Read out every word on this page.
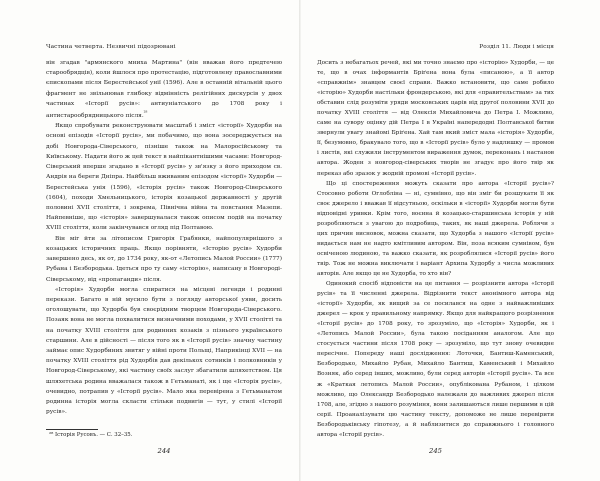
Частина четверта. Незвичні підозрювані

він згадав "армянского мниха Мартина" (він вважав його предтечею старообрядців), коли йшлося про протестацію, підготовлену православними єпископами після Берестейської унії (1596). Але в останній вітальній цього фрагмент не звільнював глибоку відмінність релігійних дискурсів у двох частинах «Історії русів»: антиуніатського до 1708 року і антистарообрядницького після.$^{^{28}}$

Якщо спробувати реконструювати масштаб і зміст «історії» Худорби на основі епізодів «Історії русів», ми побачимо, що вона зосереджується на добі Новгорода-Сіверського, пізніше також на Малоросійському та Київському. Надати його ж цей текст в найпікантнішими часами: Новгород-Сіверський вперше згадано в «Історії русів» у зв'язку з його приходом св. Андрія на береги Дніпра. Найбільш вживаним епізодом «історії» Худорби — Берестейська унія (1596), «Історія русів» також Новгород-Сіверського (1604), походи Хмельницького, історія козацької державності у другій половині XVII століття, і зокрема, Північна війна та повстання Мазепи. Найпевніше, що «історія» завершувалася також описом подій на початку XVIII століття, коли закінчувався огляд під Полтавою.

Він міг йти за літописом Григорія Грабянки, найпопулярнішого з козацьких історичних праць. Якщо порівняти, «Історію русів» Худорби завершено десь, як от, до 1734 року, як-от «Летопись Малой России» (1777) Рубана і Безбородька. Ідеться про ту саму «історію», написану в Новгороді-Сіверському, від «пропаганди» після.

«Історія» Худорби могла спиратися на місцеві легенди і родинні перекази. Багато в ній мусило бути з погляду авторської уяви, досить оголошувати, що Худорба був своєрідним творцем Новгорода-Сіверського. Позаяк вона не могла похвалитися визначними походами, у XVII столітті та на початку XVIII століття для родинних козаків з пізнього українського старшини. Але в дійсності — після того як в «Історії русів» значну частину займає опис Худорбиних звитяг у війні проти Польщі, Наприкінці XVII — на початку XVIII століття рід Худорбів дав декількох сотників і полковників у Новгород-Сіверському, які частину своїх заслуг збагатили шляхетством. Ця шляхетська родина вважалася також в Гетьманаті, як і ще «Історія русів», очевидно, потрапив у «Історії русів». Мало яка перевірена з Гетьманатом родинна історія могла скласти стільки подвигів — тут, у стилі «Історії русів».

²⁸ Історія Русовъ. — С. 32–35.
244
Розділ 11. Люди і місця

Досить з небагатьох речей, які ми точно знаємо про «історію» Худорби, — це те, що в очах інформантів Бріґена вона була «писаною», а її автор «справжнім» знавцем своєї справи. Важко встановити, що саме робило «історію» Худорби настільки фрондерською, які для «правительствам» за тих обставин слід розуміти уряди московських царів від другої половини XVII до початку XVIII століття — від Олексія Михайловича до Петра І. Можливо, саме на сувору оцінку дій Петра І в Україні напередодні Полтавської битви звернули увагу знайомі Бріґена. Хай там який зміст мала «історія» Худорби, її, безумовно, бракувало того, що в «Історії русів» було у надлишку — промов і листів, які служили інструментом вираження думок, переконань і настанов автора. Жоден з новгород-сіверських творів не згадує про його твір як переказ або зразок у жодній промові «Історії русів».

Що ці спостереження можуть сказати про автора «Історії русів»? Стосовно роботи Оглобліна — ні, сумнівно, що він зміг би розшукати її як своє джерело і вважав її відсутньою, оскільки в «історії» Худорби могли бути відповідні уривки. Крім того, воєнна й козацько-старшинська історія у ній розробляються з увагою до подробиць, таких, як наші джерела. Роблячи з цих причин висновок, можна сказати, що Худорба з нашого «Історії русів» видається нам не надто кмітливим автором. Він, поза всяким сумнівом, був освіченою людиною, та важко сказати, як розроблялися «Історії русів» його твір. Тож не можна виключати і варіант Архипа Худорбу з числа можливих авторів. Але якщо це не Худорба, то хто він?

Одинокий спосіб відповісти на це питання — розрізнити автора «Історії русів» та її численні джерела. Відрізнити текст анонімного автора від «історії» Худорби, як вищий за се посилався на одне з найважливіших джерел — крок у правильному напрямку. Якщо для найкращого розрізнення «Історії русів» до 1708 року, то зрозуміло, що «Історія» Худорби, як і «Летопись Малой России», була такою посіданням аналогом. Але що стосується частини після 1708 року — зрозуміло, що тут знову очевидне пересічне. Попереду наші дослідження: Лоточки, Бантиш-Каменський, Безбородько, Михайло Рубан, Михайло Бантиш, Каменський і Михайло Возняк, або серед інших, можливо, були серед авторів «Історії русів». Та все ж «Краткая летопись Малой России», опублікована Рубаном, і цілком можливо, що Олександр Безбородько належали до важливих джерел після 1708, але, згідно з нашого розуміння, вони залишаються лише першими в цій серії. Проаналізувати цю частину тексту, допоможе не лише перевірити Безбородьківську гіпотезу, а й наблизитися до справжнього і головного автора «Історії русів».

245
